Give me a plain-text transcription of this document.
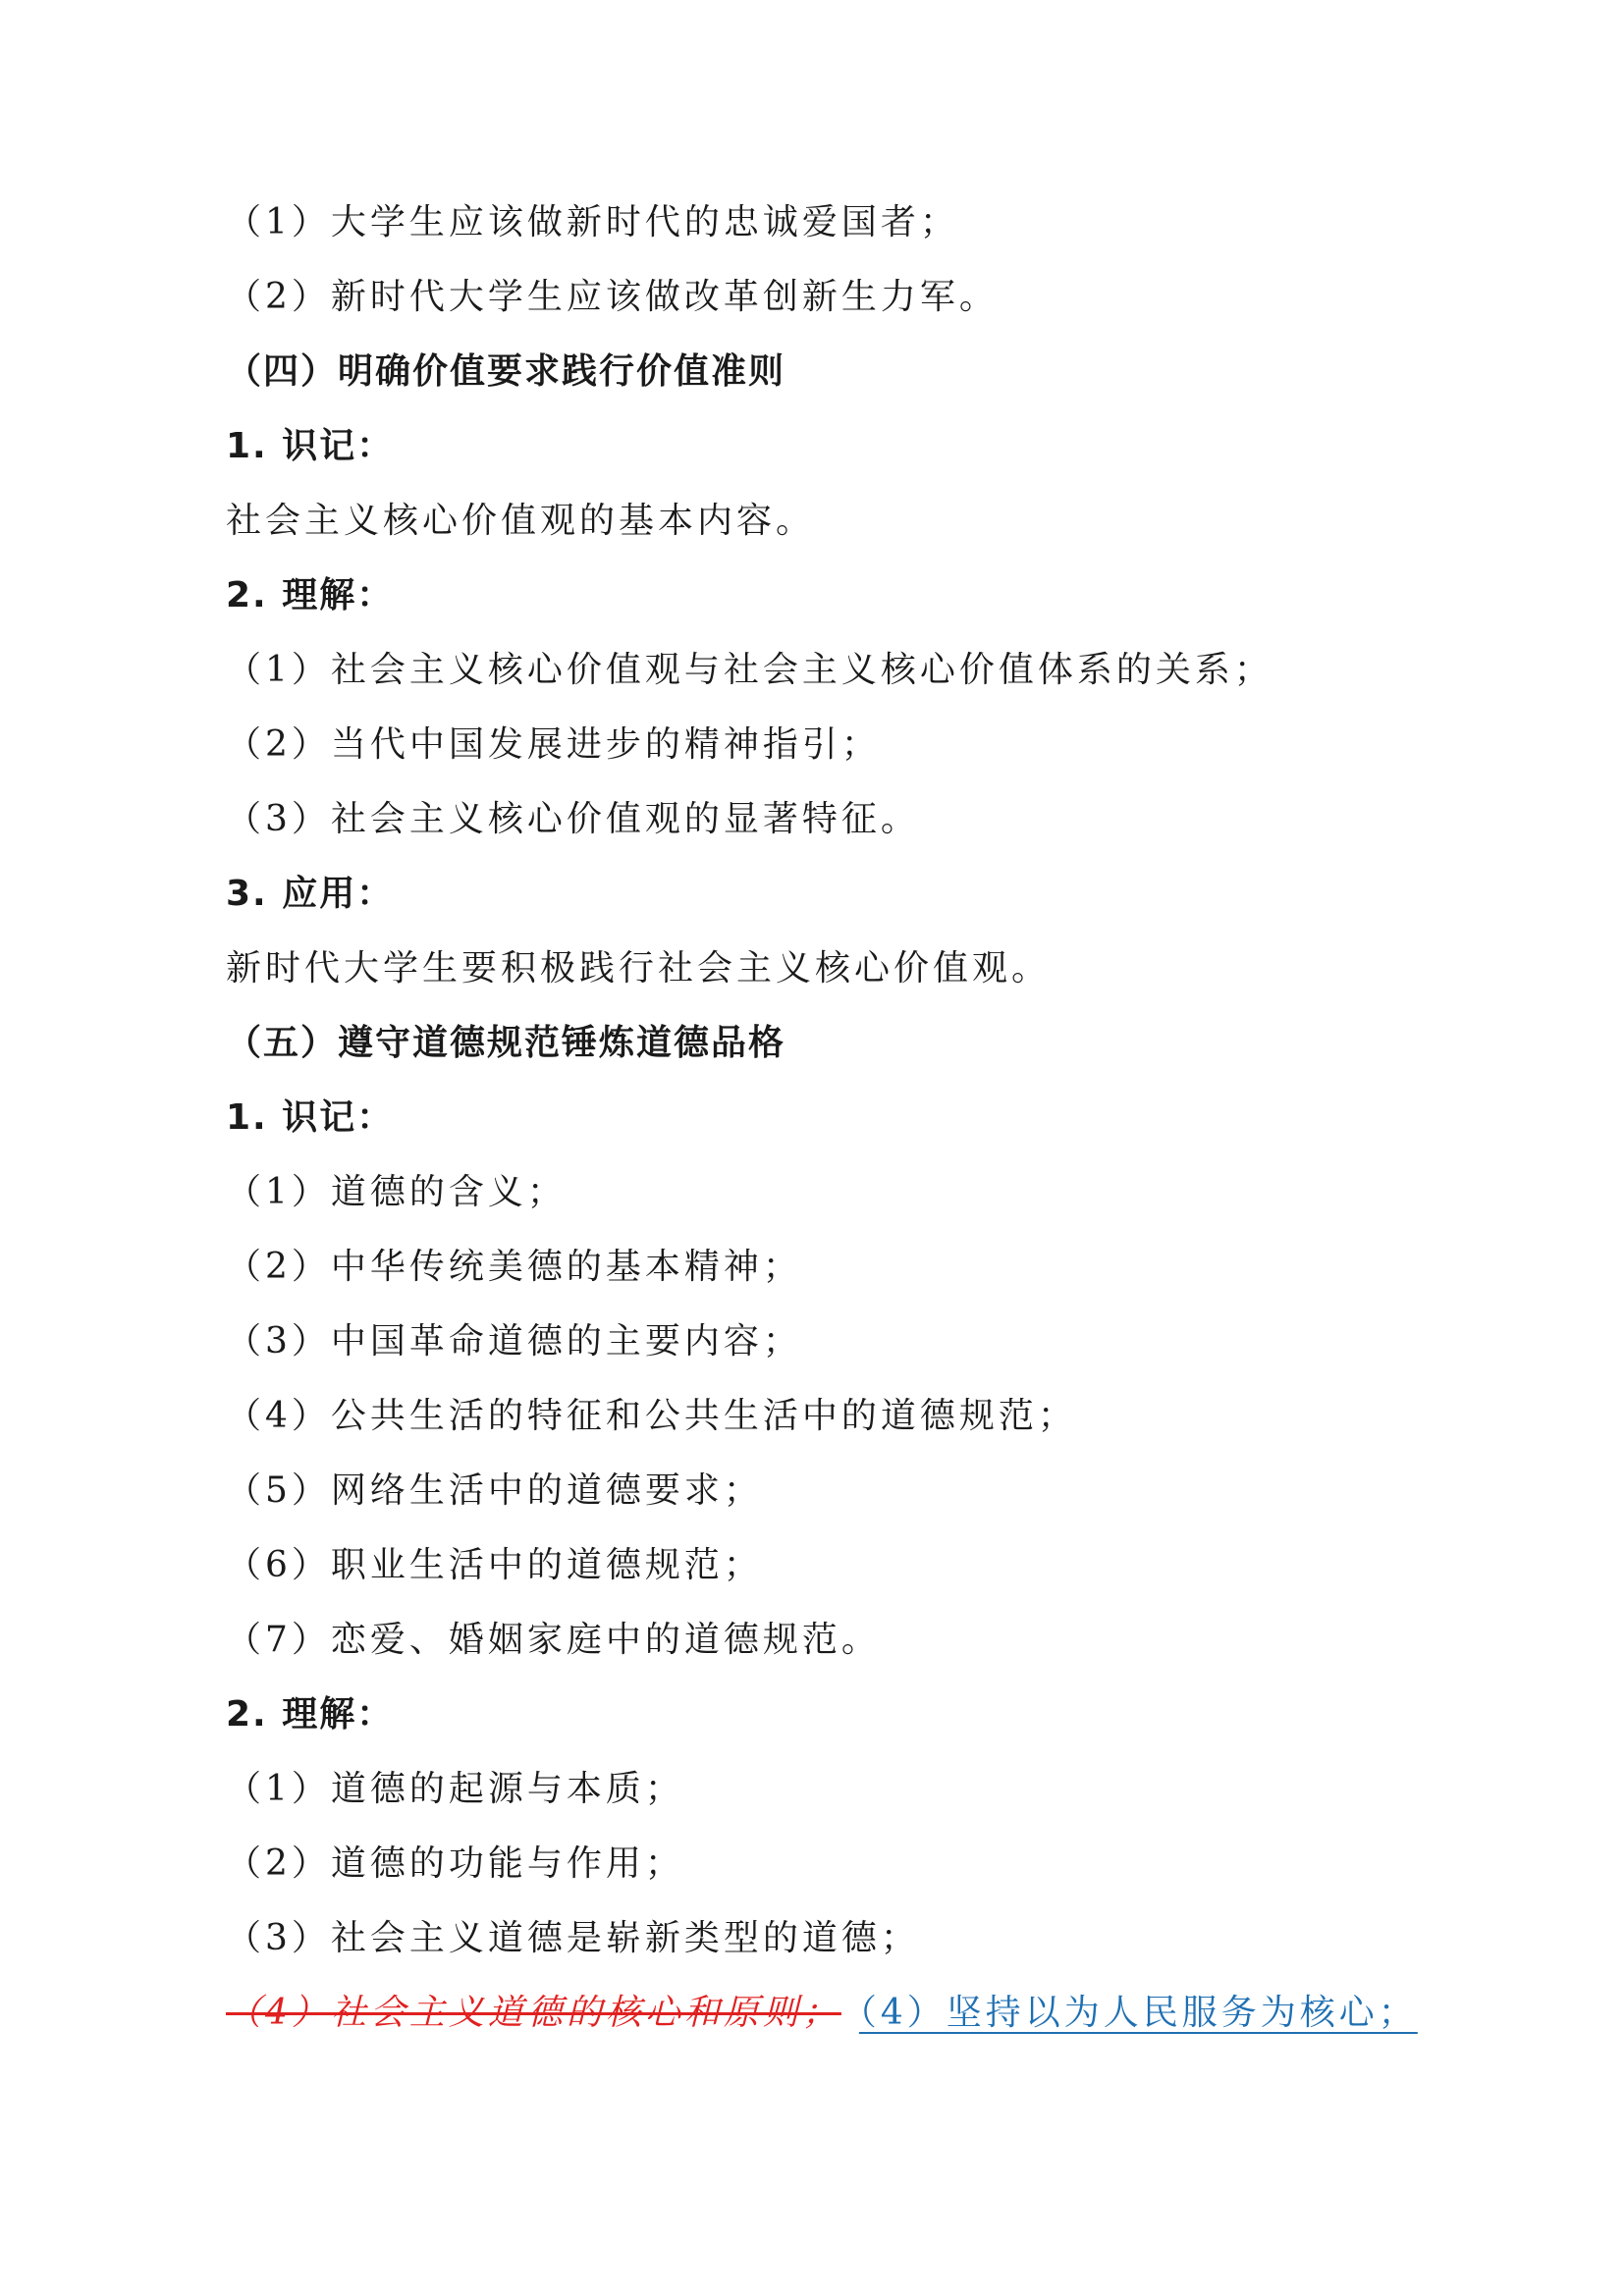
（1）大学生应该做新时代的忠诚爱国者；
（2）新时代大学生应该做改革创新生力军。
（四）明确价值要求践行价值准则
1. 识记：
社会主义核心价值观的基本内容。
2. 理解：
（1）社会主义核心价值观与社会主义核心价值体系的关系；
（2）当代中国发展进步的精神指引；
（3）社会主义核心价值观的显著特征。
3. 应用：
新时代大学生要积极践行社会主义核心价值观。
（五）遵守道德规范锤炼道德品格
1. 识记：
（1）道德的含义；
（2）中华传统美德的基本精神；
（3）中国革命道德的主要内容；
（4）公共生活的特征和公共生活中的道德规范；
（5）网络生活中的道德要求；
（6）职业生活中的道德规范；
（7）恋爱、婚姻家庭中的道德规范。
2. 理解：
（1）道德的起源与本质；
（2）道德的功能与作用；
（3）社会主义道德是崭新类型的道德；
（4）社会主义道德的核心和原则； （4）坚持以为人民服务为核心；
